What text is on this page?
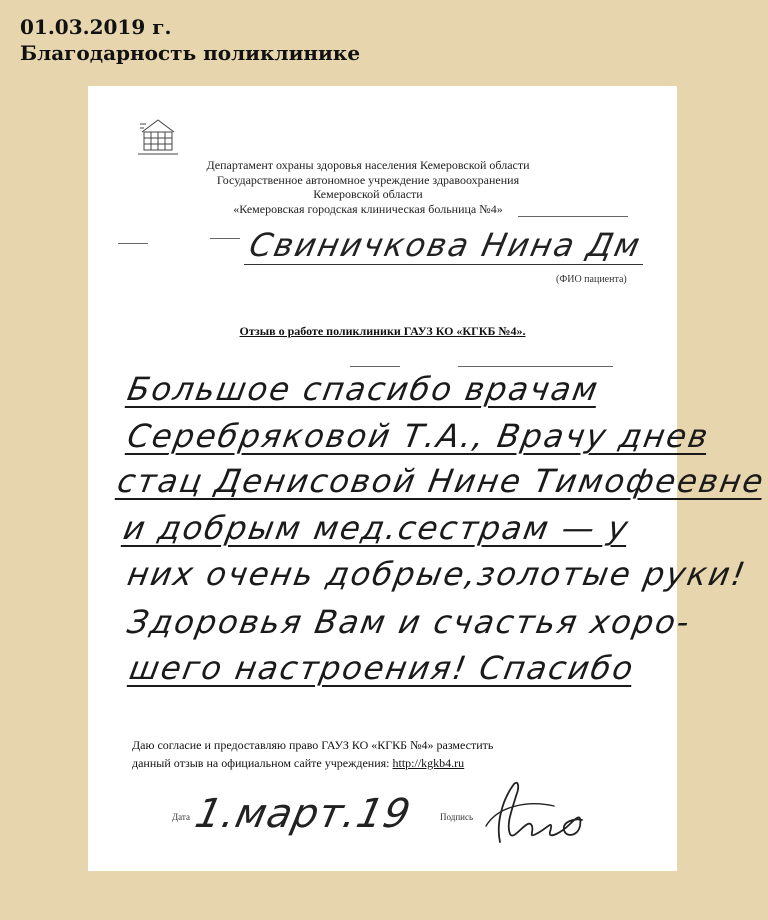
01.03.2019 г.
Благодарность поликлинике
Департамент охраны здоровья населения Кемеровской области
Государственное автономное учреждение здравоохранения
Кемеровской области
«Кемеровская городская клиническая больница №4»
Свиничкова Нина Дм
(ФИО пациента)
Отзыв о работе поликлиники ГАУЗ КО «КГКБ №4».
Большое спасибо врачам
Серебряковой Т.А., Врачу днев
стац Денисовой Нине Тимофеевне
и добрым мед.сестрам — у
них очень добрые,золотые руки!
Здоровья Вам и счастья хоро-
шего настроения! Спасибо
Даю согласие и предоставляю право ГАУЗ КО «КГКБ №4» разместить
данный отзыв на официальном сайте учреждения: http://kgkb4.ru
Дата 1.март.19	Подпись
